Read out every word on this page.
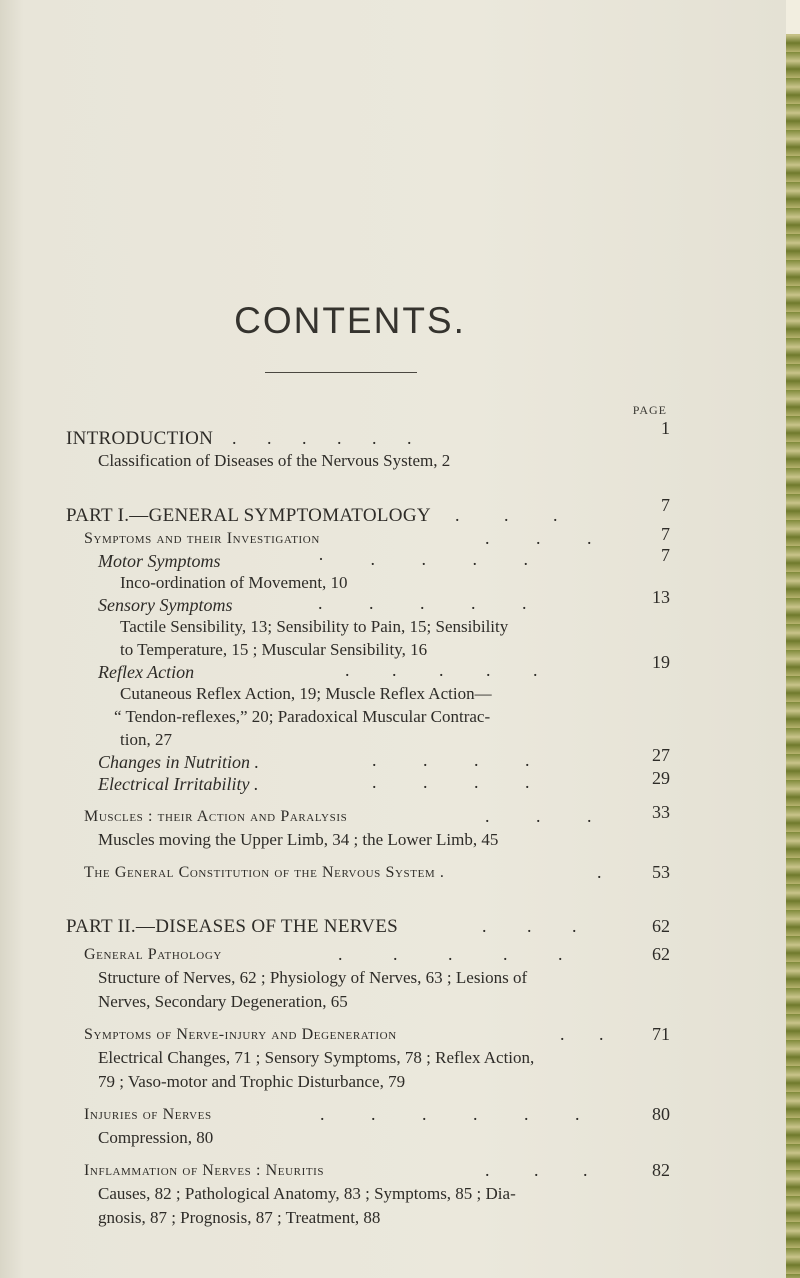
CONTENTS.
PAGE
INTRODUCTION . . . . . .	1
Classification of Diseases of the Nervous System, 2
PART I.—GENERAL SYMPTOMATOLOGY . . .	7
Symptoms and their Investigation	. . .	7
Motor Symptoms	· . . . .	7
Inco-ordination of Movement, 10
Sensory Symptoms	. . . . .	13
Tactile Sensibility, 13; Sensibility to Pain, 15; Sensibility
to Temperature, 15 ; Muscular Sensibility, 16
Reflex Action	. . . . .	19
Cutaneous Reflex Action, 19; Muscle Reflex Action—
“ Tendon-reflexes,” 20; Paradoxical Muscular Contrac-
tion, 27
Changes in Nutrition .	. . . .	27
Electrical Irritability .	. . . .	29
Muscles : their Action and Paralysis	. . .	33
Muscles moving the Upper Limb, 34 ; the Lower Limb, 45
The General Constitution of the Nervous System .	.	53
PART II.—DISEASES OF THE NERVES	. . .	62
General Pathology	. . . . .	62
Structure of Nerves, 62 ; Physiology of Nerves, 63 ; Lesions of
Nerves, Secondary Degeneration, 65
Symptoms of Nerve-injury and Degeneration	. .	71
Electrical Changes, 71 ; Sensory Symptoms, 78 ; Reflex Action,
79 ; Vaso-motor and Trophic Disturbance, 79
Injuries of Nerves	. . . . . .	80
Compression, 80
Inflammation of Nerves : Neuritis	. . .	82
Causes, 82 ; Pathological Anatomy, 83 ; Symptoms, 85 ; Dia-
gnosis, 87 ; Prognosis, 87 ; Treatment, 88
